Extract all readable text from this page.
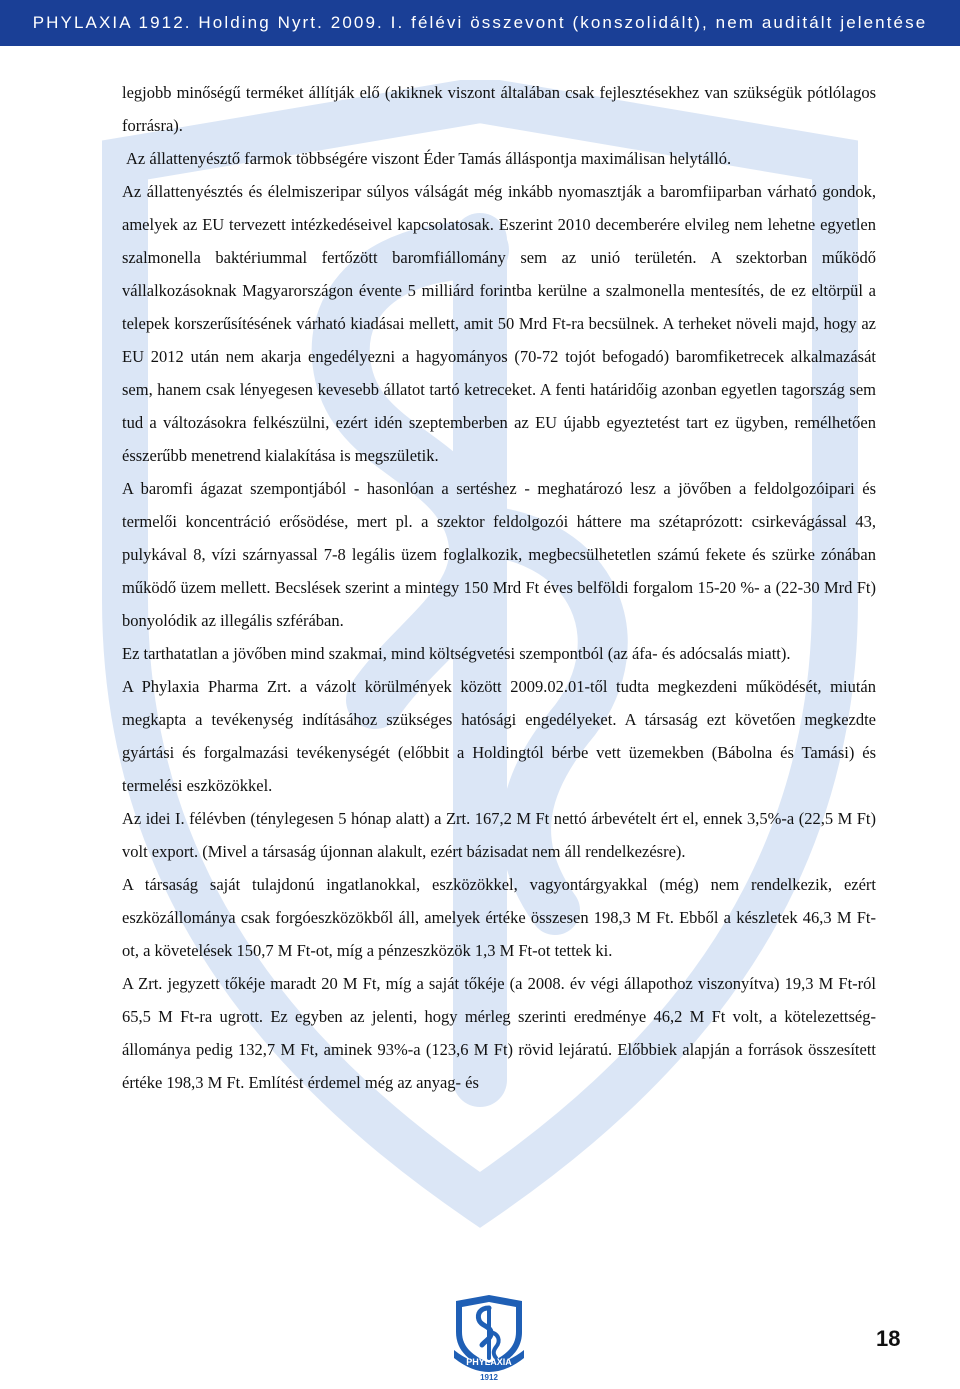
PHYLAXIA 1912. Holding Nyrt. 2009. I. félévi összevont (konszolidált), nem auditált jelentése

legjobb minőségű terméket állítják elő (akiknek viszont általában csak fejlesztésekhez van szükségük pótlólagos forrásra).

Az állattenyésztő farmok többségére viszont Éder Tamás álláspontja maximálisan helytálló.

Az állattenyésztés és élelmiszeripar súlyos válságát még inkább nyomasztják a baromfiiparban várható gondok, amelyek az EU tervezett intézkedéseivel kapcsolatosak. Eszerint 2010 decemberére elvileg nem lehetne egyetlen szalmonella baktériummal fertőzött baromfiállomány sem az unió területén. A szektorban működő vállalkozásoknak Magyarországon évente 5 milliárd forintba kerülne a szalmonella mentesítés, de ez eltörpül a telepek korszerűsítésének várható kiadásai mellett, amit 50 Mrd Ft-ra becsülnek. A terheket növeli majd, hogy az EU 2012 után nem akarja engedélyezni a hagyományos (70-72 tojót befogadó) baromfiketrecek alkalmazását sem, hanem csak lényegesen kevesebb állatot tartó ketreceket. A fenti határidőig azonban egyetlen tagország sem tud a változásokra felkészülni, ezért idén szeptemberben az EU újabb egyeztetést tart ez ügyben, remélhetően ésszerűbb menetrend kialakítása is megszületik.

A baromfi ágazat szempontjából - hasonlóan a sertéshez - meghatározó lesz a jövőben a feldolgozóipari és termelői koncentráció erősödése, mert pl. a szektor feldolgozói háttere ma szétaprózott: csirkevágással 43, pulykával 8, vízi szárnyassal 7-8 legális üzem foglalkozik, megbecsülhetetlen számú fekete és szürke zónában működő üzem mellett. Becslések szerint a mintegy 150 Mrd Ft éves belföldi forgalom 15-20 %- a (22-30 Mrd Ft) bonyolódik az illegális szférában.

Ez tarthatatlan a jövőben mind szakmai, mind költségvetési szempontból (az áfa- és adócsalás miatt).

A Phylaxia Pharma Zrt. a vázolt körülmények között 2009.02.01-től tudta megkezdeni működését, miután megkapta a tevékenység indításához szükséges hatósági engedélyeket. A társaság ezt követően megkezdte gyártási és forgalmazási tevékenységét (előbbit a Holdingtól bérbe vett üzemekben (Bábolna és Tamási) és termelési eszközökkel.

Az idei I. félévben (ténylegesen 5 hónap alatt) a Zrt. 167,2 M Ft nettó árbevételt ért el, ennek 3,5%-a (22,5 M Ft) volt export. (Mivel a társaság újonnan alakult, ezért bázisadat nem áll rendelkezésre).

A társaság saját tulajdonú ingatlanokkal, eszközökkel, vagyontárgyakkal (még) nem rendelkezik, ezért eszközállománya csak forgóeszközökből áll, amelyek értéke összesen 198,3 M Ft. Ebből a készletek 46,3 M Ft-ot, a követelések 150,7 M Ft-ot, míg a pénzeszközök 1,3 M Ft-ot tettek ki.

A Zrt. jegyzett tőkéje maradt 20 M Ft, míg a saját tőkéje (a 2008. év végi állapothoz viszonyítva) 19,3 M Ft-ról 65,5 M Ft-ra ugrott. Ez egyben az jelenti, hogy mérleg szerinti eredménye 46,2 M Ft volt, a kötelezettség-állománya pedig 132,7 M Ft, aminek 93%-a (123,6 M Ft) rövid lejáratú. Előbbiek alapján a források összesített értéke 198,3 M Ft. Említést érdemel még az anyag- és

PHYLAXIA
1912
18
